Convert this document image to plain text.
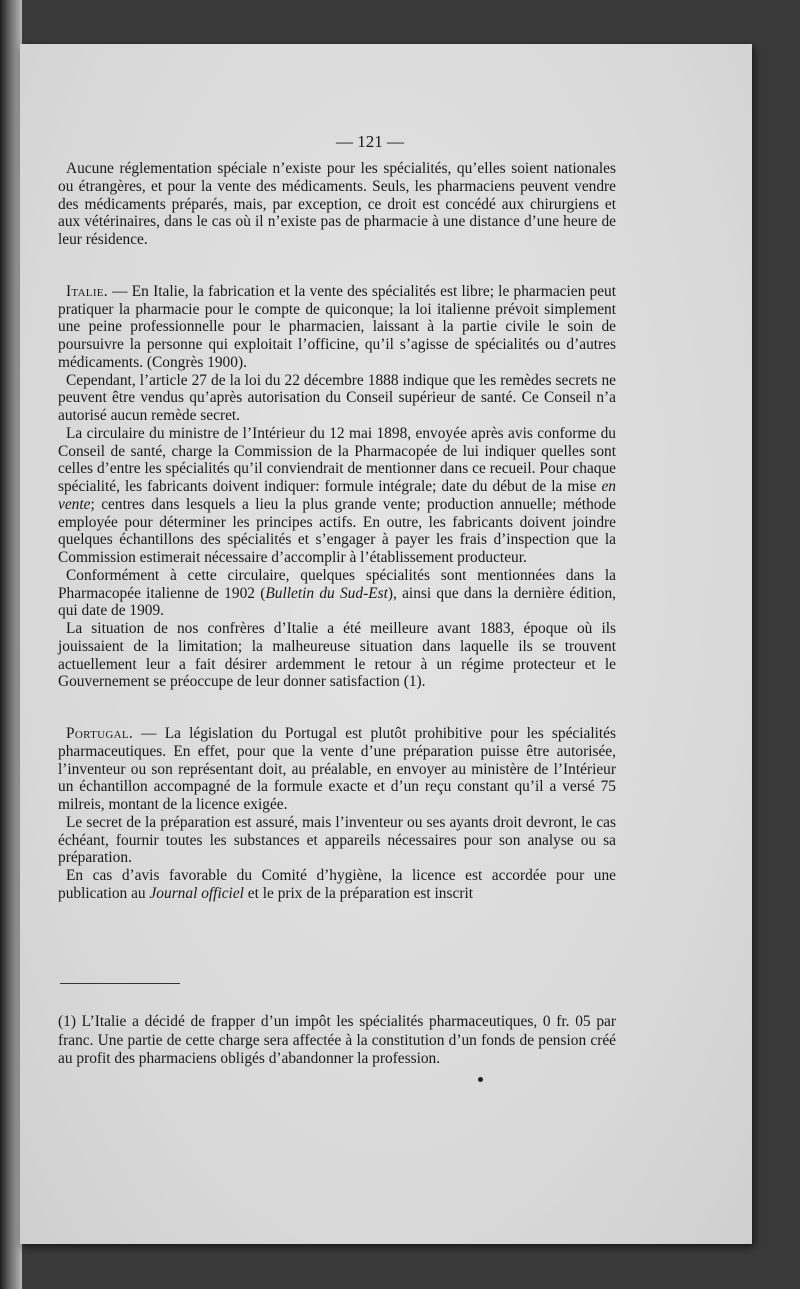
— 121 —

Aucune réglementation spéciale n’existe pour les spécialités, qu’elles soient nationales ou étrangères, et pour la vente des médicaments. Seuls, les pharmaciens peuvent vendre des médicaments préparés, mais, par exception, ce droit est concédé aux chirurgiens et aux vétérinaires, dans le cas où il n’existe pas de pharmacie à une distance d’une heure de leur résidence.

Italie. — En Italie, la fabrication et la vente des spécialités est libre; le pharmacien peut pratiquer la pharmacie pour le compte de quiconque; la loi italienne prévoit simplement une peine professionnelle pour le pharmacien, laissant à la partie civile le soin de poursuivre la personne qui exploitait l’officine, qu’il s’agisse de spécialités ou d’autres médicaments. (Congrès 1900).

Cependant, l’article 27 de la loi du 22 décembre 1888 indique que les remèdes secrets ne peuvent être vendus qu’après autorisation du Conseil supérieur de santé. Ce Conseil n’a autorisé aucun remède secret.

La circulaire du ministre de l’Intérieur du 12 mai 1898, envoyée après avis conforme du Conseil de santé, charge la Commission de la Pharmacopée de lui indiquer quelles sont celles d’entre les spécialités qu’il conviendrait de mentionner dans ce recueil. Pour chaque spécialité, les fabricants doivent indiquer: formule intégrale; date du début de la mise en vente; centres dans lesquels a lieu la plus grande vente; production annuelle; méthode employée pour déterminer les principes actifs. En outre, les fabricants doivent joindre quelques échantillons des spécialités et s’engager à payer les frais d’inspection que la Commission estimerait nécessaire d’accomplir à l’établissement producteur.

Conformément à cette circulaire, quelques spécialités sont mentionnées dans la Pharmacopée italienne de 1902 (Bulletin du Sud-Est), ainsi que dans la dernière édition, qui date de 1909.

La situation de nos confrères d’Italie a été meilleure avant 1883, époque où ils jouissaient de la limitation; la malheureuse situation dans laquelle ils se trouvent actuellement leur a fait désirer ardemment le retour à un régime protecteur et le Gouvernement se préoccupe de leur donner satisfaction (1).

Portugal. — La législation du Portugal est plutôt prohibitive pour les spécialités pharmaceutiques. En effet, pour que la vente d’une préparation puisse être autorisée, l’inventeur ou son représentant doit, au préalable, en envoyer au ministère de l’Intérieur un échantillon accompagné de la formule exacte et d’un reçu constant qu’il a versé 75 milreis, montant de la licence exigée.

Le secret de la préparation est assuré, mais l’inventeur ou ses ayants droit devront, le cas échéant, fournir toutes les substances et appareils nécessaires pour son analyse ou sa préparation.

En cas d’avis favorable du Comité d’hygiène, la licence est accordée pour une publication au Journal officiel et le prix de la préparation est inscrit

(1) L’Italie a décidé de frapper d’un impôt les spécialités pharmaceutiques, 0 fr. 05 par franc. Une partie de cette charge sera affectée à la constitution d’un fonds de pension créé au profit des pharmaciens obligés d’abandonner la profession.
